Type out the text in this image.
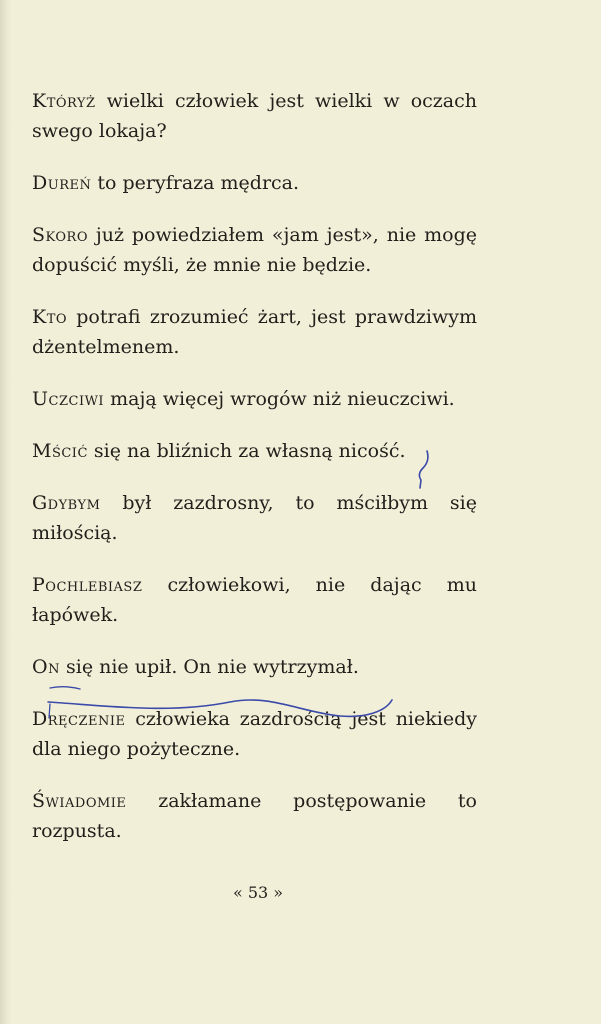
Któryż wielki człowiek jest wielki w oczach swego lokaja?

Dureń to peryfraza mędrca.

Skoro już powiedziałem «jam jest», nie mogę dopuścić myśli, że mnie nie będzie.

Kto potrafi zrozumieć żart, jest prawdziwym dżentelmenem.

Uczciwi mają więcej wrogów niż nieuczciwi.

Mścić się na bliźnich za własną nicość.

Gdybym był zazdrosny, to mściłbym się miłością.

Pochlebiasz człowiekowi, nie dając mu łapówek.

On się nie upił. On nie wytrzymał.

Dręczenie człowieka zazdrością jest niekiedy dla niego pożyteczne.

Świadomie zakłamane postępowanie to rozpusta.

« 53 »
